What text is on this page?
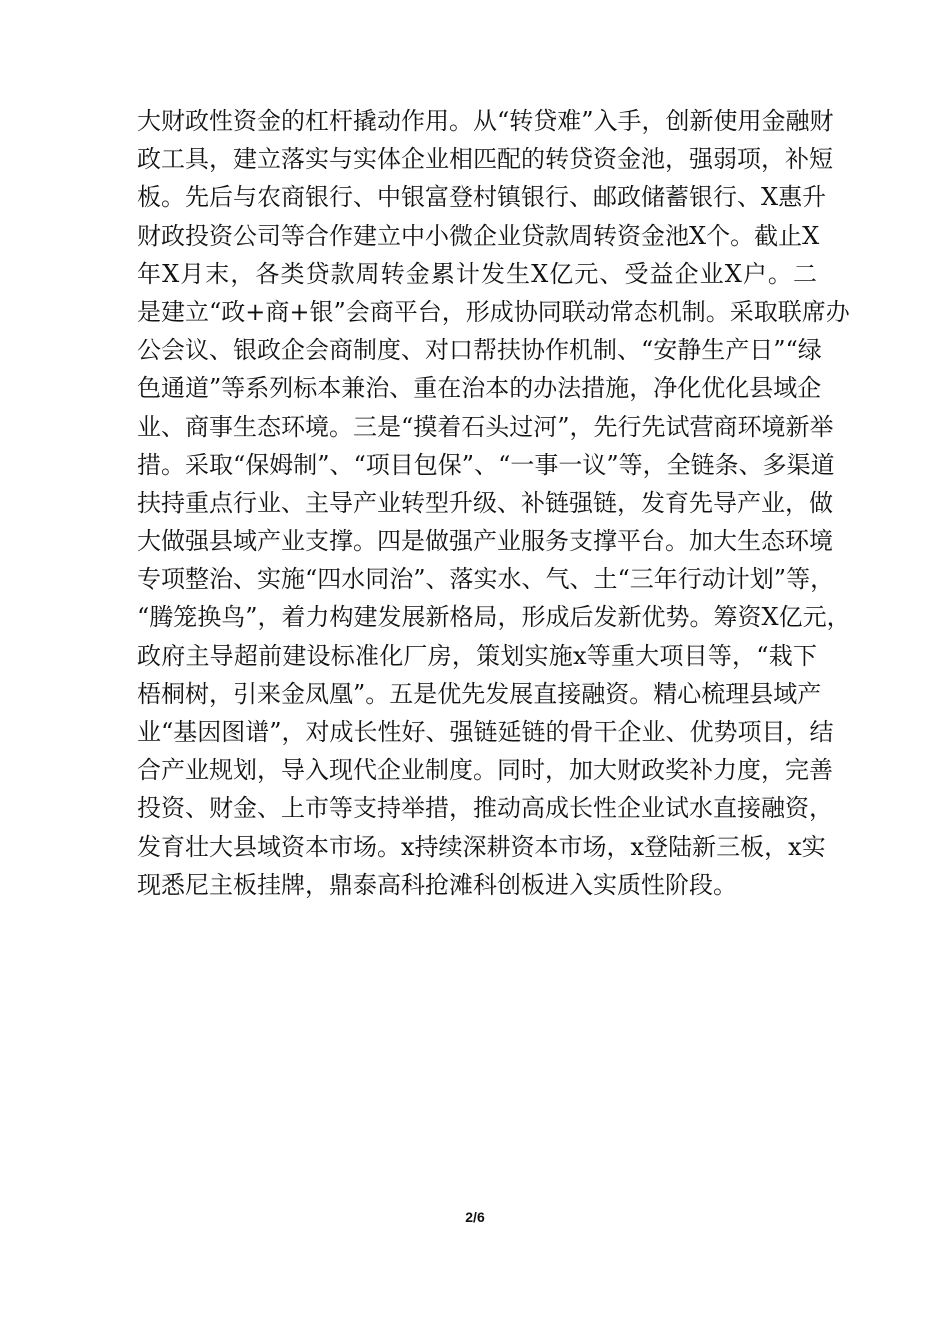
大财政性资金的杠杆撬动作用。从“转贷难”入手，创新使用金融财

政工具，建立落实与实体企业相匹配的转贷资金池，强弱项，补短

板。先后与农商银行、中银富登村镇银行、邮政储蓄银行、X惠升

财政投资公司等合作建立中小微企业贷款周转资金池X个。截止X

年X月末，各类贷款周转金累计发生X亿元、受益企业X户。二

是建立“政+商+银”会商平台，形成协同联动常态机制。采取联席办

公会议、银政企会商制度、对口帮扶协作机制、“安静生产日”“绿

色通道”等系列标本兼治、重在治本的办法措施，净化优化县域企

业、商事生态环境。三是“摸着石头过河”，先行先试营商环境新举

措。采取“保姆制”、“项目包保”、“一事一议”等，全链条、多渠道

扶持重点行业、主导产业转型升级、补链强链，发育先导产业，做

大做强县域产业支撑。四是做强产业服务支撑平台。加大生态环境

专项整治、实施“四水同治”、落实水、气、土“三年行动计划”等，

“腾笼换鸟”，着力构建发展新格局，形成后发新优势。筹资X亿元，

政府主导超前建设标准化厂房，策划实施x等重大项目等，“栽下

梧桐树，引来金凤凰”。五是优先发展直接融资。精心梳理县域产

业“基因图谱”，对成长性好、强链延链的骨干企业、优势项目，结

合产业规划，导入现代企业制度。同时，加大财政奖补力度，完善

投资、财金、上市等支持举措，推动高成长性企业试水直接融资，

发育壮大县域资本市场。x持续深耕资本市场，x登陆新三板，x实

现悉尼主板挂牌，鼎泰高科抢滩科创板进入实质性阶段。

2/6
